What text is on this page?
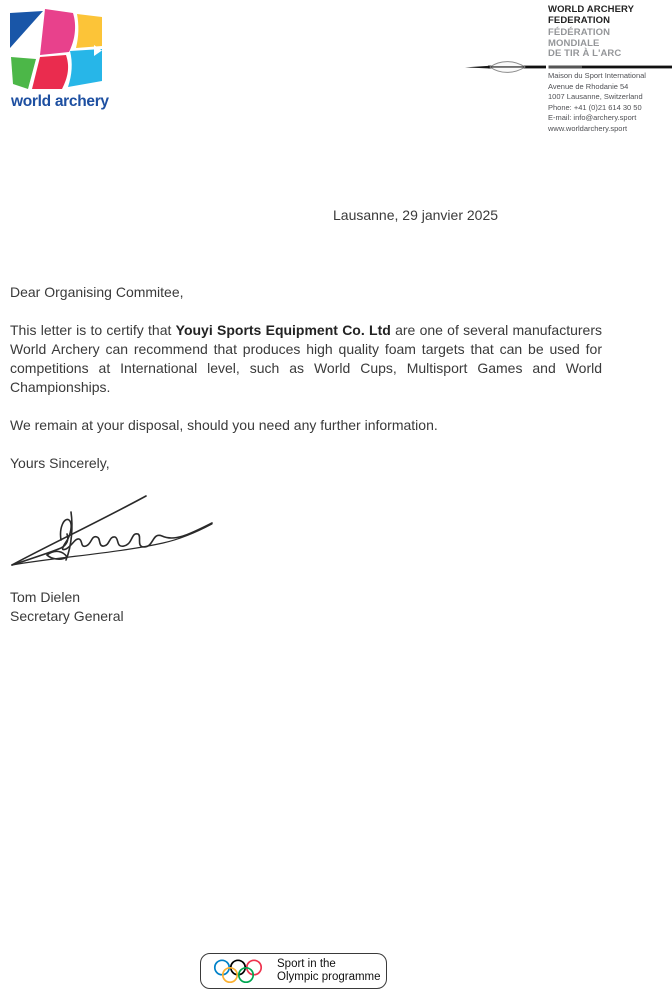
world archery
WORLD ARCHERY
FEDERATION
FÉDÉRATION
MONDIALE
DE TIR À L'ARC
Maison du Sport International
Avenue de Rhodanie 54
1007 Lausanne, Switzerland
Phone: +41 (0)21 614 30 50
E-mail: info@archery.sport
www.worldarchery.sport
Lausanne, 29 janvier 2025

Dear Organising Commitee,

This letter is to certify that Youyi Sports Equipment Co. Ltd are one of several manufacturers World Archery can recommend that produces high quality foam targets that can be used for competitions at International level, such as World Cups, Multisport Games and World Championships.

We remain at your disposal, should you need any further information.

Yours Sincerely,

Tom Dielen
Secretary General
Sport in the
Olympic programme
